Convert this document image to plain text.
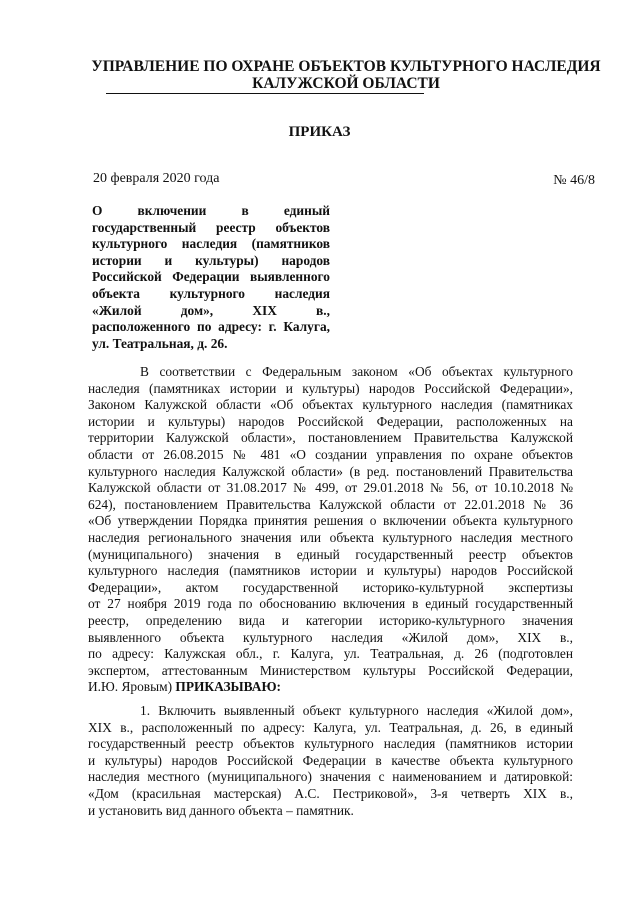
УПРАВЛЕНИЕ ПО ОХРАНЕ ОБЪЕКТОВ КУЛЬТУРНОГО НАСЛЕДИЯ
КАЛУЖСКОЙ ОБЛАСТИ
ПРИКАЗ
20 февраля 2020 года	№ 46/8
О включении в единый
государственный реестр объектов
культурного наследия (памятников
истории и культуры) народов
Российской Федерации выявленного
объекта культурного наследия
«Жилой дом», XIX в.,
расположенного по адресу: г. Калуга,
ул. Театральная, д. 26.
В соответствии с Федеральным законом «Об объектах культурного
наследия (памятниках истории и культуры) народов Российской Федерации»,
Законом Калужской области «Об объектах культурного наследия (памятниках
истории и культуры) народов Российской Федерации, расположенных на
территории Калужской области», постановлением Правительства Калужской
области от 26.08.2015 № 481 «О создании управления по охране объектов
культурного наследия Калужской области» (в ред. постановлений Правительства
Калужской области от 31.08.2017 № 499, от 29.01.2018 № 56, от 10.10.2018 №
624), постановлением Правительства Калужской области от 22.01.2018 № 36
«Об утверждении Порядка принятия решения о включении объекта культурного
наследия регионального значения или объекта культурного наследия местного
(муниципального) значения в единый государственный реестр объектов
культурного наследия (памятников истории и культуры) народов Российской
Федерации», актом государственной историко-культурной экспертизы
от 27 ноября 2019 года по обоснованию включения в единый государственный
реестр, определению вида и категории историко-культурного значения
выявленного объекта культурного наследия «Жилой дом», XIX в.,
по адресу: Калужская обл., г. Калуга, ул. Театральная, д. 26 (подготовлен
экспертом, аттестованным Министерством культуры Российской Федерации,
И.Ю. Яровым) ПРИКАЗЫВАЮ:
1. Включить выявленный объект культурного наследия «Жилой дом»,
XIX в., расположенный по адресу: Калуга, ул. Театральная, д. 26, в единый
государственный реестр объектов культурного наследия (памятников истории
и культуры) народов Российской Федерации в качестве объекта культурного
наследия местного (муниципального) значения с наименованием и датировкой:
«Дом (красильная мастерская) А.С. Пестриковой», 3-я четверть XIX в.,
и установить вид данного объекта – памятник.
